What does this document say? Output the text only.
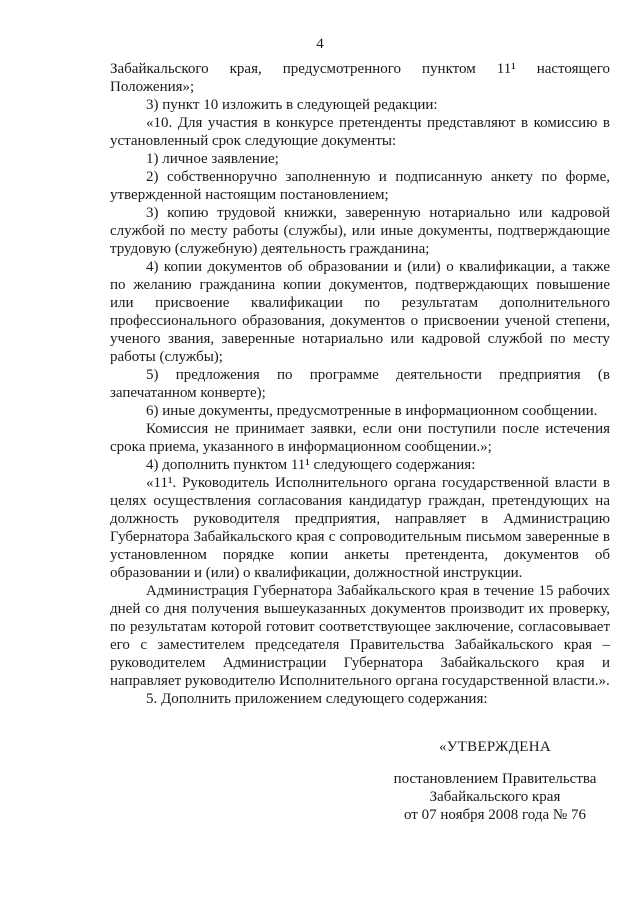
4

Забайкальского края, предусмотренного пунктом 11¹ настоящего Положения»;

3) пункт 10 изложить в следующей редакции:

«10. Для участия в конкурсе претенденты представляют в комиссию в установленный срок следующие документы:

1) личное заявление;

2) собственноручно заполненную и подписанную анкету по форме, утвержденной настоящим постановлением;

3) копию трудовой книжки, заверенную нотариально или кадровой службой по месту работы (службы), или иные документы, подтверждающие трудовую (служебную) деятельность гражданина;

4) копии документов об образовании и (или) о квалификации, а также по желанию гражданина копии документов, подтверждающих повышение или присвоение квалификации по результатам дополнительного профессионального образования, документов о присвоении ученой степени, ученого звания, заверенные нотариально или кадровой службой по месту работы (службы);

5) предложения по программе деятельности предприятия (в запечатанном конверте);

6) иные документы, предусмотренные в информационном сообщении.

Комиссия не принимает заявки, если они поступили после истечения срока приема, указанного в информационном сообщении.»;

4) дополнить пунктом 11¹ следующего содержания:

«11¹. Руководитель Исполнительного органа государственной власти в целях осуществления согласования кандидатур граждан, претендующих на должность руководителя предприятия, направляет в Администрацию Губернатора Забайкальского края с сопроводительным письмом заверенные в установленном порядке копии анкеты претендента, документов об образовании и (или) о квалификации, должностной инструкции.

Администрация Губернатора Забайкальского края в течение 15 рабочих дней со дня получения вышеуказанных документов производит их проверку, по результатам которой готовит соответствующее заключение, согласовывает его с заместителем председателя Правительства Забайкальского края – руководителем Администрации Губернатора Забайкальского края и направляет руководителю Исполнительного органа государственной власти.».

5. Дополнить приложением следующего содержания:

«УТВЕРЖДЕНА
постановлением Правительства
Забайкальского края
от 07 ноября 2008 года № 76
